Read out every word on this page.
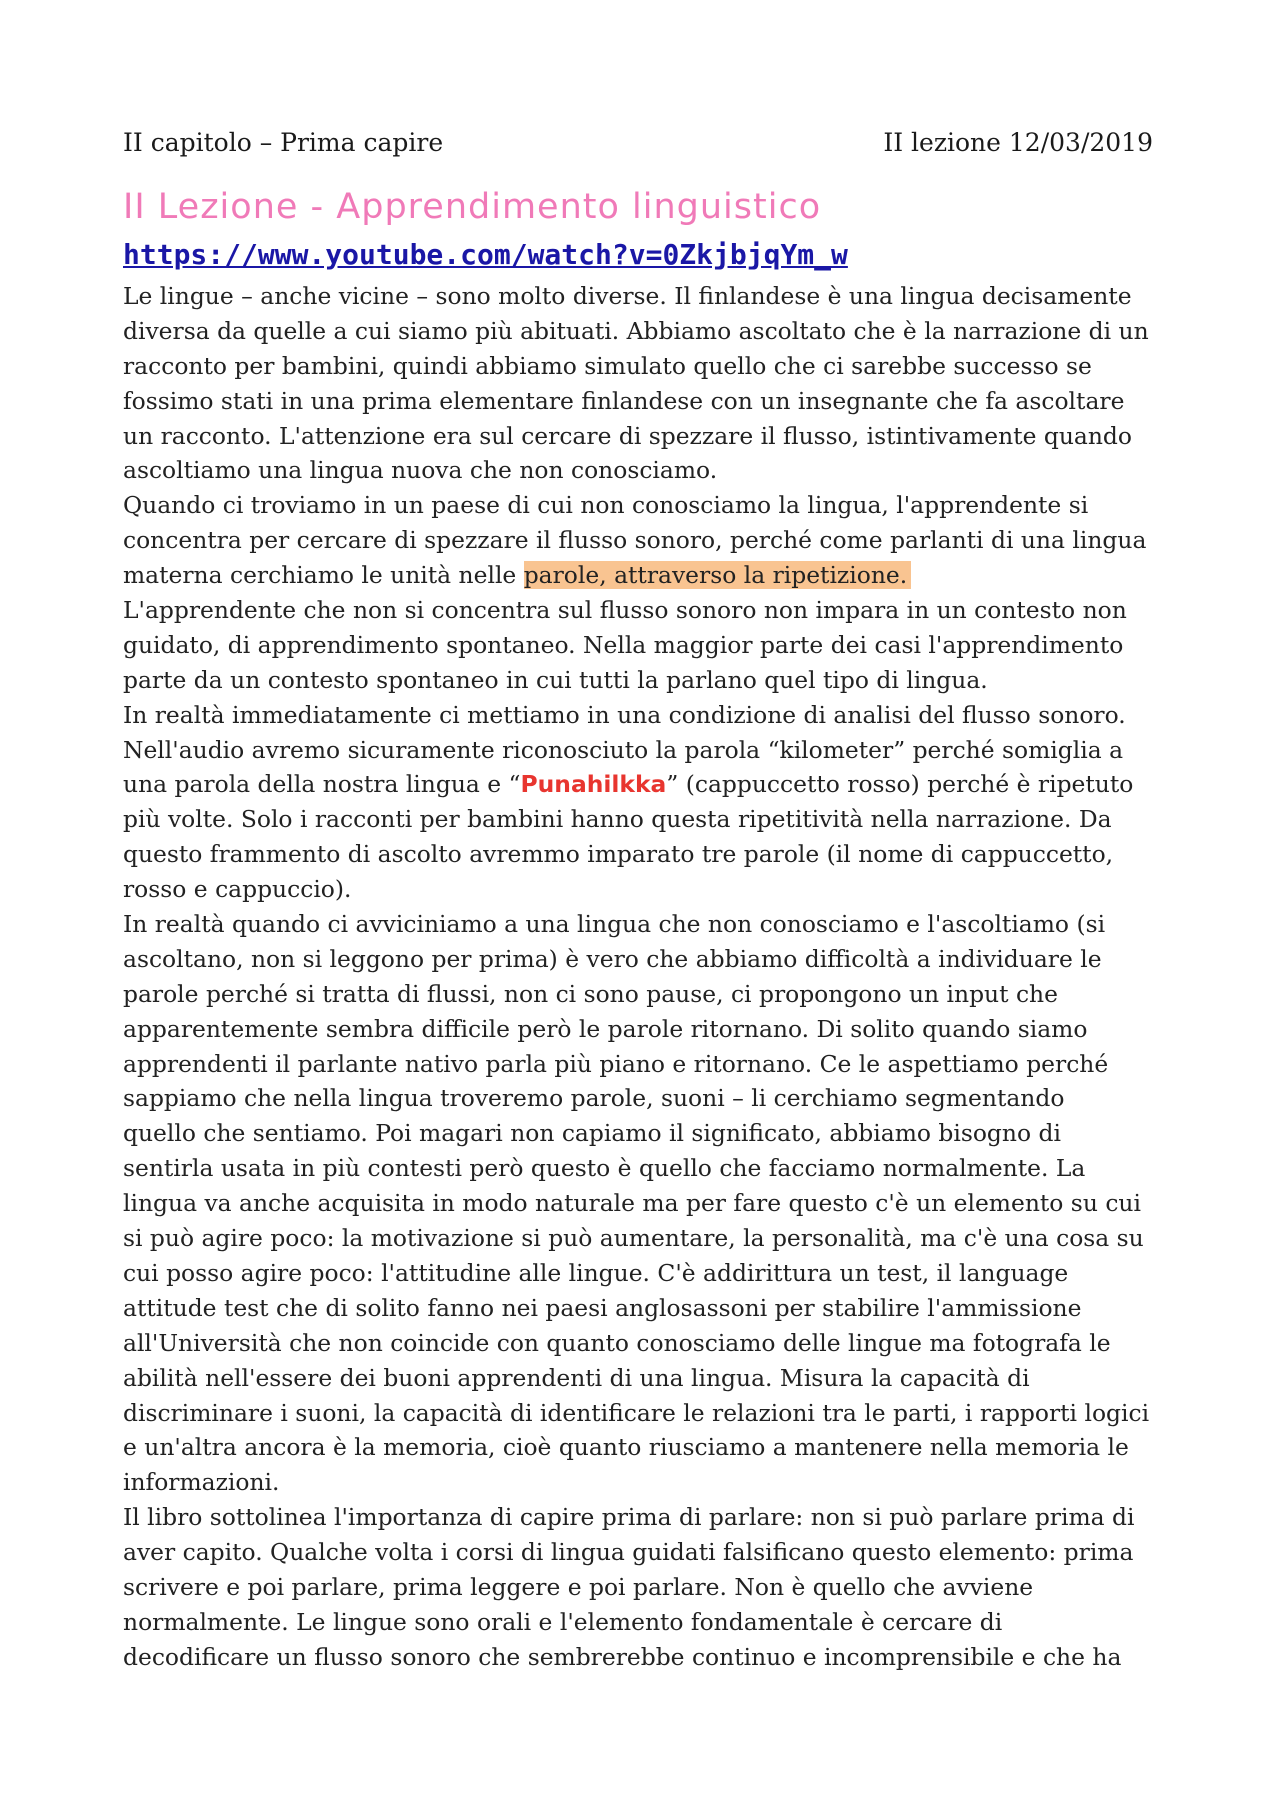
II capitolo – Prima capire	II lezione 12/03/2019
II Lezione - Apprendimento linguistico
https://www.youtube.com/watch?v=0ZkjbjqYm_w
Le lingue – anche vicine – sono molto diverse. Il finlandese è una lingua decisamente
diversa da quelle a cui siamo più abituati. Abbiamo ascoltato che è la narrazione di un
racconto per bambini, quindi abbiamo simulato quello che ci sarebbe successo se
fossimo stati in una prima elementare finlandese con un insegnante che fa ascoltare
un racconto. L'attenzione era sul cercare di spezzare il flusso, istintivamente quando
ascoltiamo una lingua nuova che non conosciamo.
Quando ci troviamo in un paese di cui non conosciamo la lingua, l'apprendente si
concentra per cercare di spezzare il flusso sonoro, perché come parlanti di una lingua
materna cerchiamo le unità nelle parole, attraverso la ripetizione.
L'apprendente che non si concentra sul flusso sonoro non impara in un contesto non
guidato, di apprendimento spontaneo. Nella maggior parte dei casi l'apprendimento
parte da un contesto spontaneo in cui tutti la parlano quel tipo di lingua.
In realtà immediatamente ci mettiamo in una condizione di analisi del flusso sonoro.
Nell'audio avremo sicuramente riconosciuto la parola “kilometer” perché somiglia a
una parola della nostra lingua e “Punahilkka” (cappuccetto rosso) perché è ripetuto
più volte. Solo i racconti per bambini hanno questa ripetitività nella narrazione. Da
questo frammento di ascolto avremmo imparato tre parole (il nome di cappuccetto,
rosso e cappuccio).
In realtà quando ci avviciniamo a una lingua che non conosciamo e l'ascoltiamo (si
ascoltano, non si leggono per prima) è vero che abbiamo difficoltà a individuare le
parole perché si tratta di flussi, non ci sono pause, ci propongono un input che
apparentemente sembra difficile però le parole ritornano. Di solito quando siamo
apprendenti il parlante nativo parla più piano e ritornano. Ce le aspettiamo perché
sappiamo che nella lingua troveremo parole, suoni – li cerchiamo segmentando
quello che sentiamo. Poi magari non capiamo il significato, abbiamo bisogno di
sentirla usata in più contesti però questo è quello che facciamo normalmente. La
lingua va anche acquisita in modo naturale ma per fare questo c'è un elemento su cui
si può agire poco: la motivazione si può aumentare, la personalità, ma c'è una cosa su
cui posso agire poco: l'attitudine alle lingue. C'è addirittura un test, il language
attitude test che di solito fanno nei paesi anglosassoni per stabilire l'ammissione
all'Università che non coincide con quanto conosciamo delle lingue ma fotografa le
abilità nell'essere dei buoni apprendenti di una lingua. Misura la capacità di
discriminare i suoni, la capacità di identificare le relazioni tra le parti, i rapporti logici
e un'altra ancora è la memoria, cioè quanto riusciamo a mantenere nella memoria le
informazioni.
Il libro sottolinea l'importanza di capire prima di parlare: non si può parlare prima di
aver capito. Qualche volta i corsi di lingua guidati falsificano questo elemento: prima
scrivere e poi parlare, prima leggere e poi parlare. Non è quello che avviene
normalmente. Le lingue sono orali e l'elemento fondamentale è cercare di
decodificare un flusso sonoro che sembrerebbe continuo e incomprensibile e che ha
